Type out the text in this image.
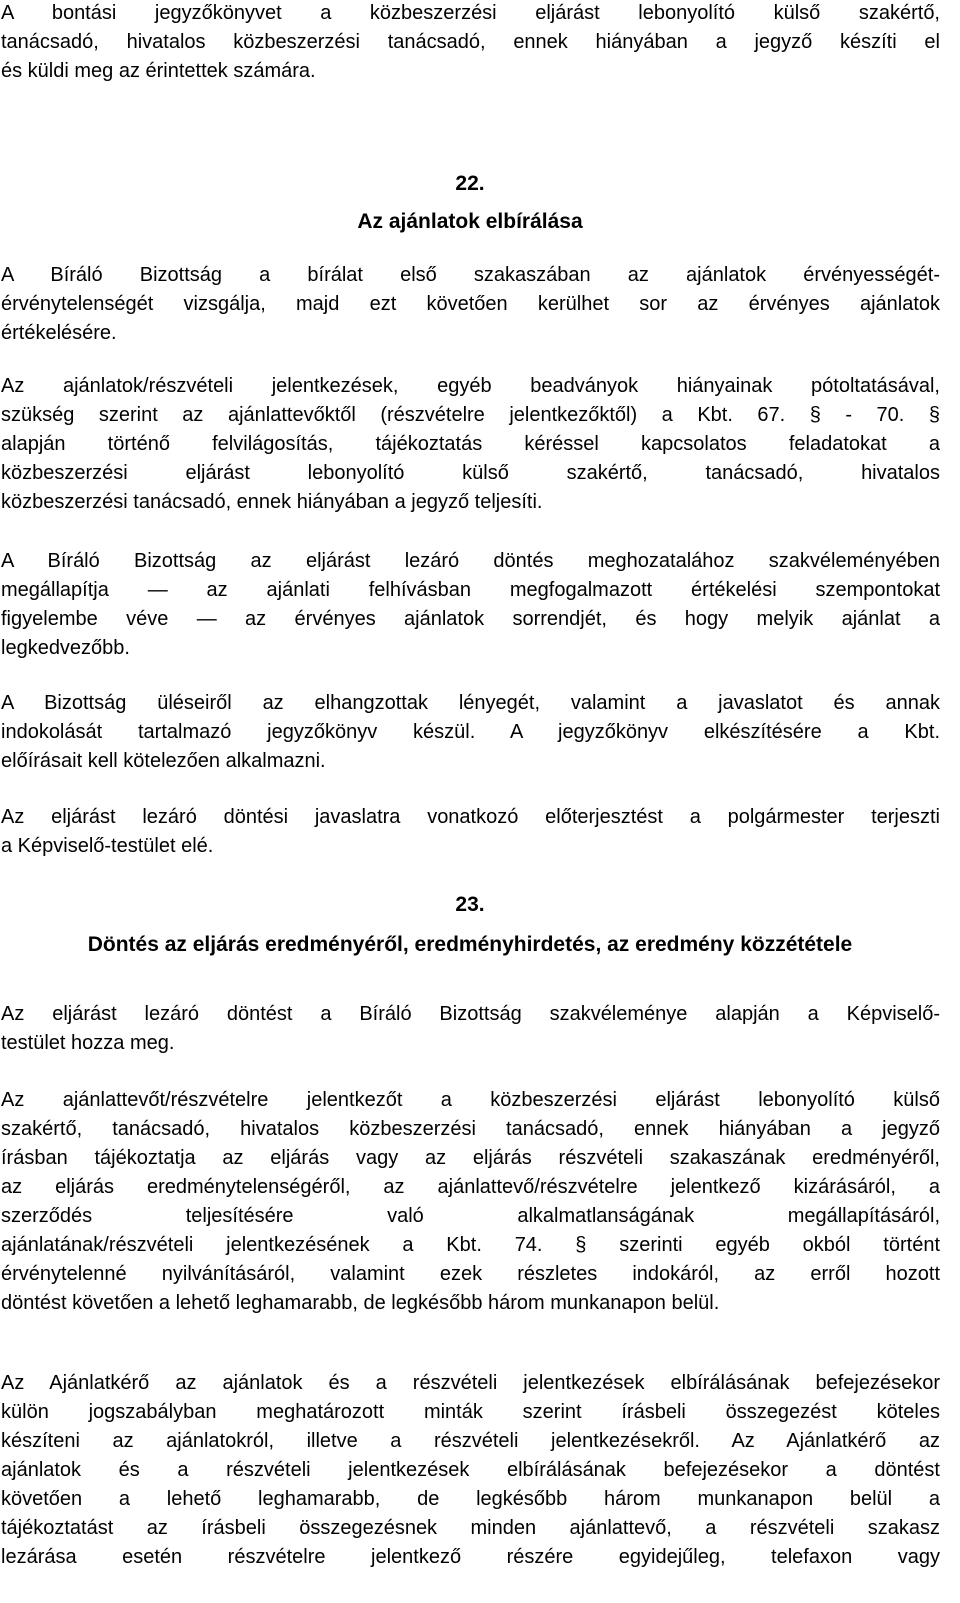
A bontási jegyzőkönyvet a közbeszerzési eljárást lebonyolító külső szakértő,
tanácsadó, hivatalos közbeszerzési tanácsadó, ennek hiányában a jegyző készíti el
és küldi meg az érintettek számára.
22.
Az ajánlatok elbírálása
A Bíráló Bizottság a bírálat első szakaszában az ajánlatok érvényességét-
érvénytelenségét vizsgálja, majd ezt követően kerülhet sor az érvényes ajánlatok
értékelésére.
Az ajánlatok/részvételi jelentkezések, egyéb beadványok hiányainak pótoltatásával,
szükség szerint az ajánlattevőktől (részvételre jelentkezőktől) a Kbt. 67. § - 70. §
alapján történő felvilágosítás, tájékoztatás kéréssel kapcsolatos feladatokat a
közbeszerzési eljárást lebonyolító külső szakértő, tanácsadó, hivatalos
közbeszerzési tanácsadó, ennek hiányában a jegyző teljesíti.
A Bíráló Bizottság az eljárást lezáró döntés meghozatalához szakvéleményében
megállapítja — az ajánlati felhívásban megfogalmazott értékelési szempontokat
figyelembe véve — az érvényes ajánlatok sorrendjét, és hogy melyik ajánlat a
legkedvezőbb.
A Bizottság üléseiről az elhangzottak lényegét, valamint a javaslatot és annak
indokolását tartalmazó jegyzőkönyv készül. A jegyzőkönyv elkészítésére a Kbt.
előírásait kell kötelezően alkalmazni.
Az eljárást lezáró döntési javaslatra vonatkozó előterjesztést a polgármester terjeszti
a Képviselő-testület elé.
23.
Döntés az eljárás eredményéről, eredményhirdetés, az eredmény közzététele
Az eljárást lezáró döntést a Bíráló Bizottság szakvéleménye alapján a Képviselő-
testület hozza meg.
Az ajánlattevőt/részvételre jelentkezőt a közbeszerzési eljárást lebonyolító külső
szakértő, tanácsadó, hivatalos közbeszerzési tanácsadó, ennek hiányában a jegyző
írásban tájékoztatja az eljárás vagy az eljárás részvételi szakaszának eredményéről,
az eljárás eredménytelenségéről, az ajánlattevő/részvételre jelentkező kizárásáról, a
szerződés teljesítésére való alkalmatlanságának megállapításáról,
ajánlatának/részvételi jelentkezésének a Kbt. 74. § szerinti egyéb okból történt
érvénytelenné nyilvánításáról, valamint ezek részletes indokáról, az erről hozott
döntést követően a lehető leghamarabb, de legkésőbb három munkanapon belül.
Az Ajánlatkérő az ajánlatok és a részvételi jelentkezések elbírálásának befejezésekor
külön jogszabályban meghatározott minták szerint írásbeli összegezést köteles
készíteni az ajánlatokról, illetve a részvételi jelentkezésekről. Az Ajánlatkérő az
ajánlatok és a részvételi jelentkezések elbírálásának befejezésekor a döntést
követően a lehető leghamarabb, de legkésőbb három munkanapon belül a
tájékoztatást az írásbeli összegezésnek minden ajánlattevő, a részvételi szakasz
lezárása esetén részvételre jelentkező részére egyidejűleg, telefaxon vagy
